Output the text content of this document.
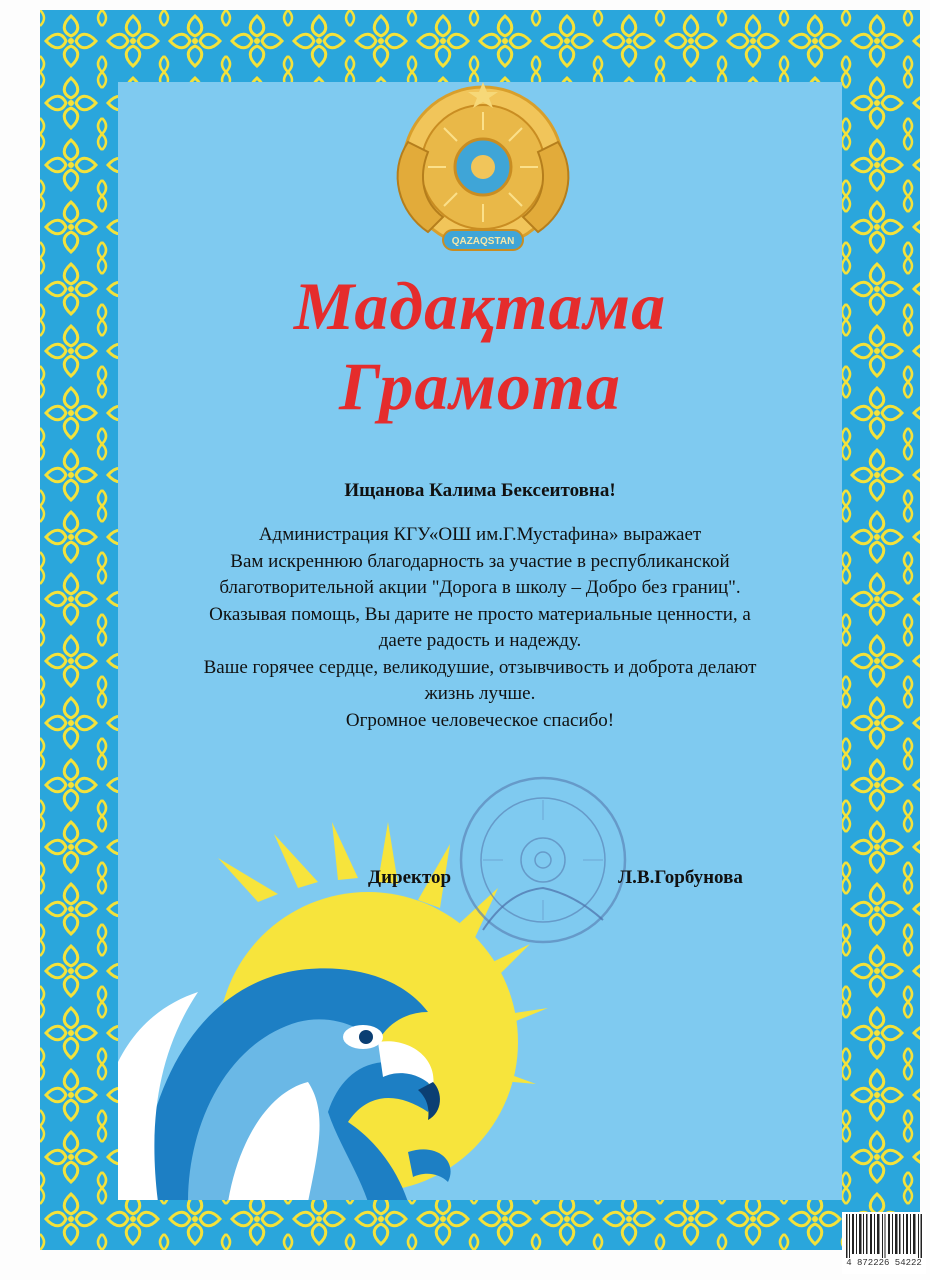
QAZAQSTAN
Мадақтама
Грамота

Ищанова Калима Бексеитовна!

Администрация КГУ«ОШ им.Г.Мустафина» выражает
Вам искреннюю благодарность за участие в республиканской
благотворительной акции "Дорога в школу – Добро без границ".
Оказывая помощь, Вы дарите не просто материальные ценности, а
даете радость и надежду.
Ваше горячее сердце, великодушие, отзывчивость и доброта делают
жизнь лучше.
Огромное человеческое спасибо!
Директор	Л.В.Горбунова
4 872226 54222
